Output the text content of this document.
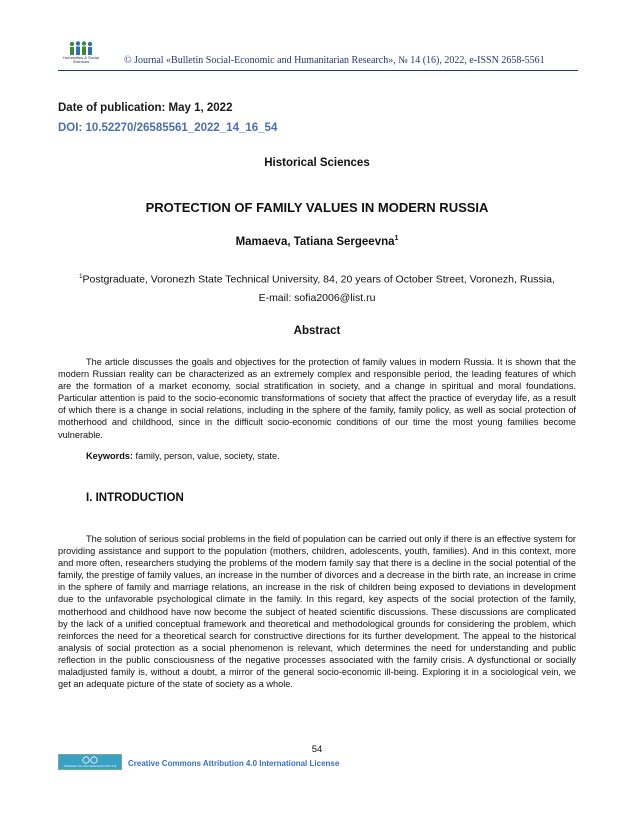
Humanities & Social Sciences	© Journal «Bulletin Social-Economic and Humanitarian Research», № 14 (16), 2022, e-ISSN 2658-5561
Date of publication: May 1, 2022
DOI: 10.52270/26585561_2022_14_16_54
Historical Sciences
PROTECTION OF FAMILY VALUES IN MODERN RUSSIA
Mamaeva, Tatiana Sergeevna$^1$
$^1$Postgraduate, Voronezh State Technical University, 84, 20 years of October Street, Voronezh, Russia, E-mail: sofia2006@list.ru
Abstract

The article discusses the goals and objectives for the protection of family values in modern Russia. It is shown that the modern Russian reality can be characterized as an extremely complex and responsible period, the leading features of which are the formation of a market economy, social stratification in society, and a change in spiritual and moral foundations. Particular attention is paid to the socio-economic transformations of society that affect the practice of everyday life, as a result of which there is a change in social relations, including in the sphere of the family, family policy, as well as social protection of motherhood and childhood, since in the difficult socio-economic conditions of our time the most young families become vulnerable.

Keywords: family, person, value, society, state.
I. INTRODUCTION

The solution of serious social problems in the field of population can be carried out only if there is an effective system for providing assistance and support to the population (mothers, children, adolescents, youth, families). And in this context, more and more often, researchers studying the problems of the modern family say that there is a decline in the social potential of the family, the prestige of family values, an increase in the number of divorces and a decrease in the birth rate, an increase in crime in the sphere of family and marriage relations, an increase in the risk of children being exposed to deviations in development due to the unfavorable psychological climate in the family. In this regard, key aspects of the social protection of the family, motherhood and childhood have now become the subject of heated scientific discussions. These discussions are complicated by the lack of a unified conceptual framework and theoretical and methodological grounds for considering the problem, which reinforces the need for a theoretical search for constructive directions for its further development. The appeal to the historical analysis of social protection as a social phenomenon is relevant, which determines the need for understanding and public reflection in the public consciousness of the negative processes associated with the family crisis. A dysfunctional or socially maladjusted family is, without a doubt, a mirror of the general socio-economic ill-being. Exploring it in a sociological vein, we get an adequate picture of the state of society as a whole.

54
Attribution 4.0 International (CC BY 4.0)	Creative Commons Attribution 4.0 International License
